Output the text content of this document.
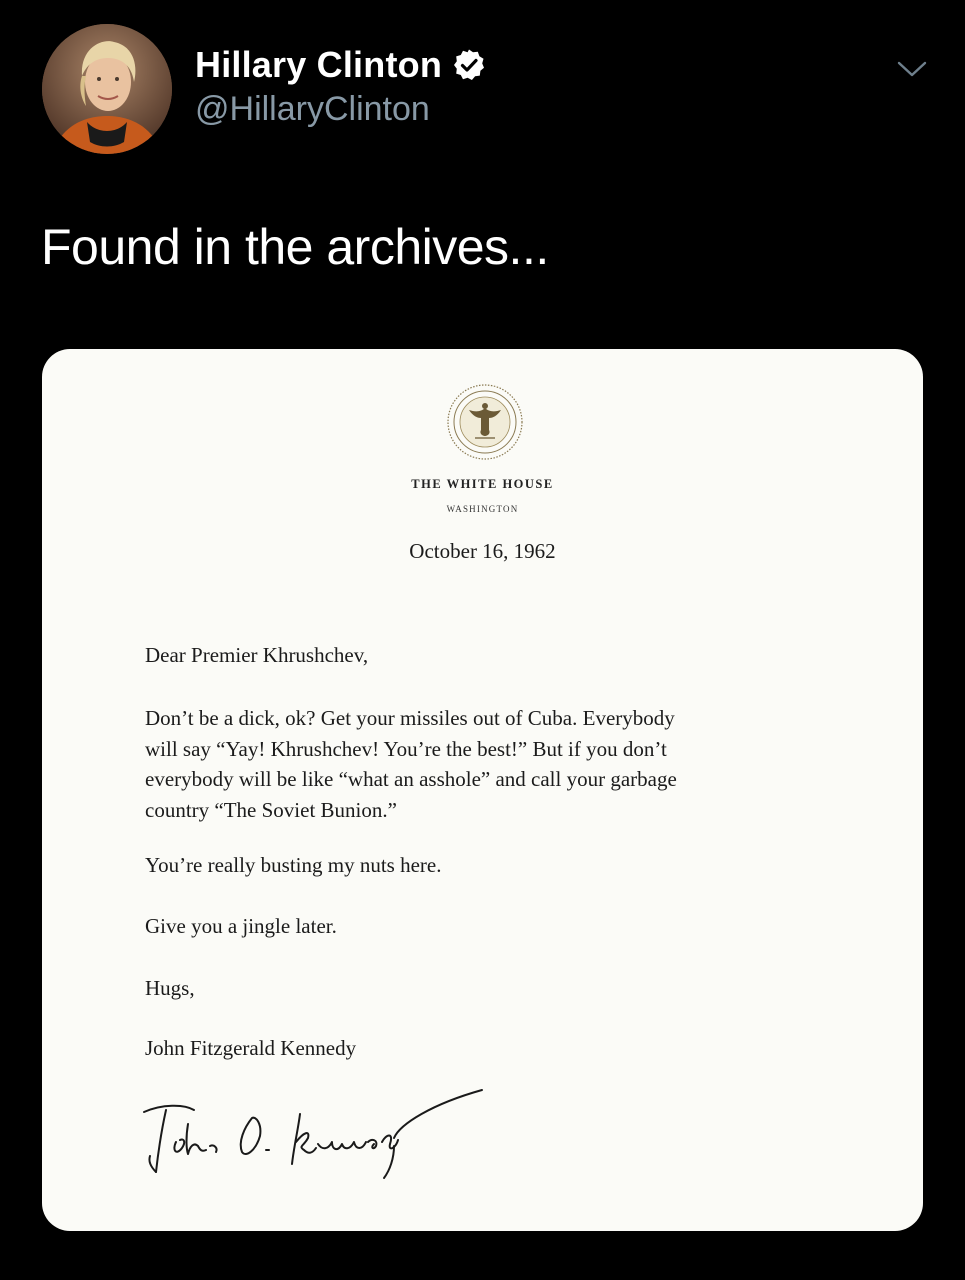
Hillary Clinton
@HillaryClinton
Found in the archives...
THE WHITE HOUSE
WASHINGTON
October 16, 1962
Dear Premier Khrushchev,
Don’t be a dick, ok? Get your missiles out of Cuba. Everybody
will say “Yay! Khrushchev! You’re the best!” But if you don’t
everybody will be like “what an asshole” and call your garbage
country “The Soviet Bunion.”
You’re really busting my nuts here.
Give you a jingle later.
Hugs,
John Fitzgerald Kennedy
